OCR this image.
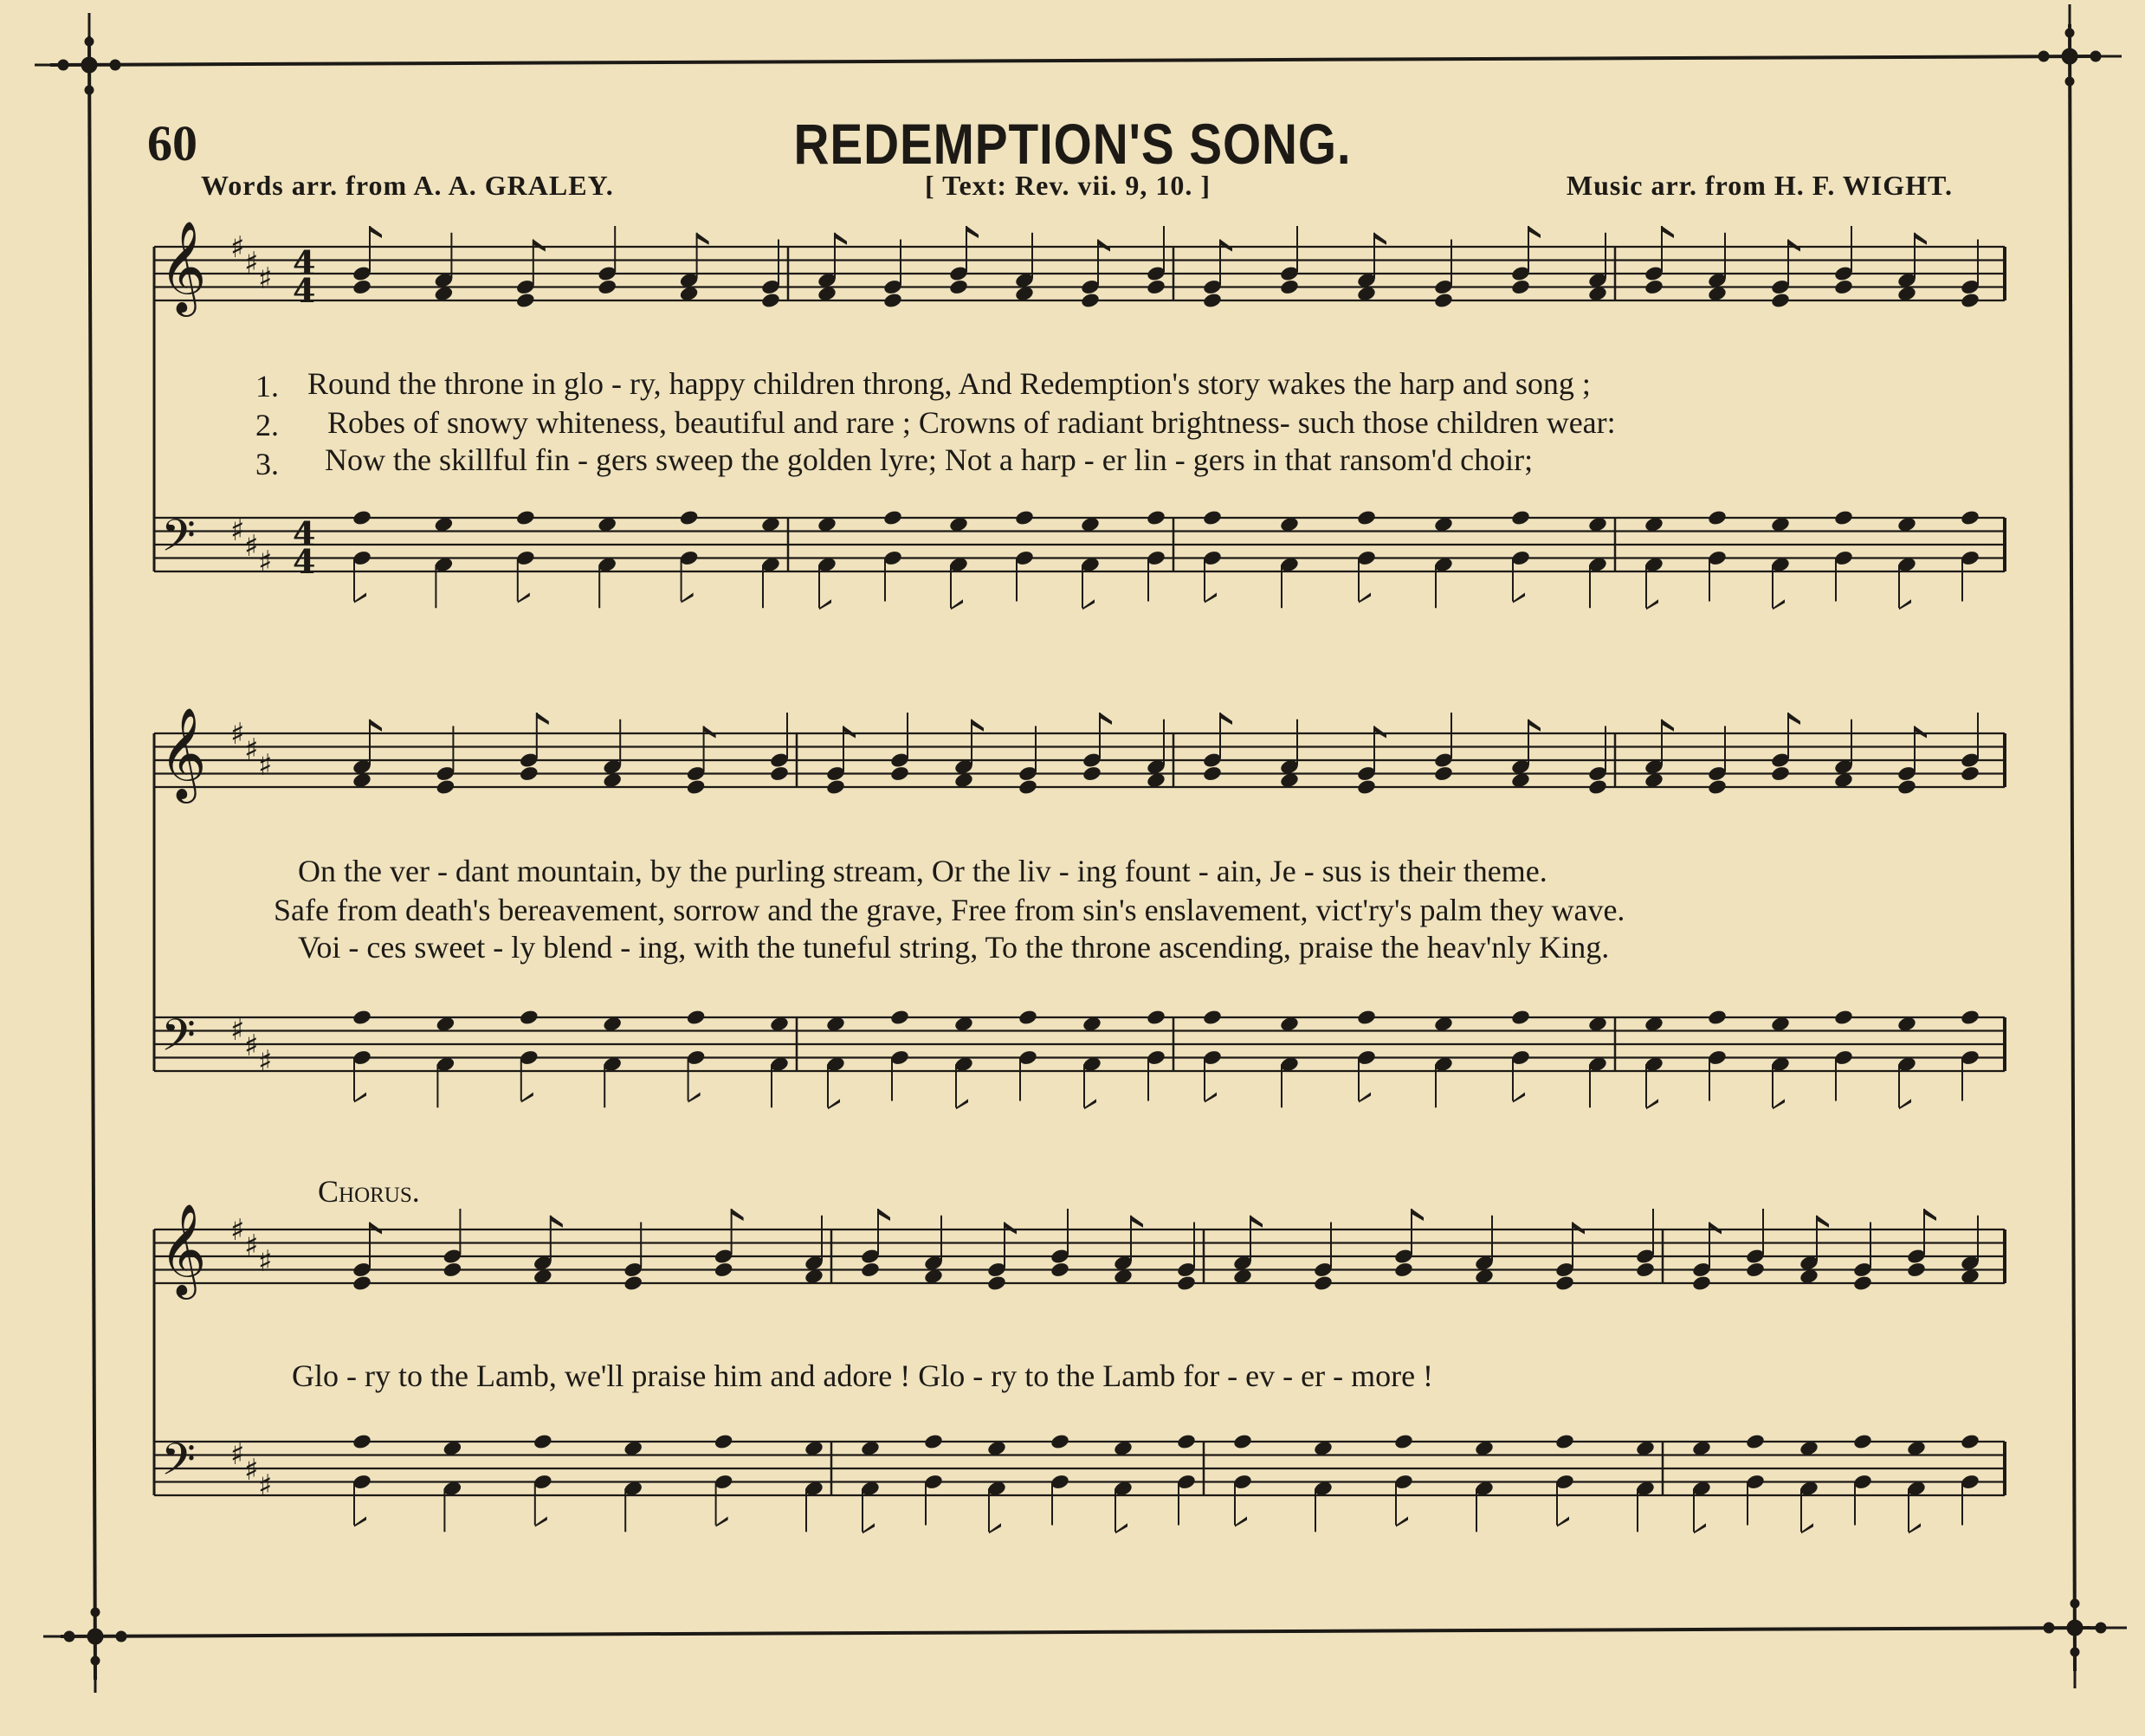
60	REDEMPTION'S SONG.
Words arr. from A. A. GRALEY.	[ Text: Rev. vii. 9, 10. ]	Music arr. from H. F. WIGHT.
𝄞
𝄢
♯
♯
♯
♯
♯
♯
4
4
4
4
𝄞
𝄢
♯
♯
♯
♯
♯
♯
𝄞
𝄢
♯
♯
♯
♯
♯
♯
1. Round the throne in glo - ry, happy children throng, And Redemption's story wakes the harp and song ;
2. Robes of snowy whiteness, beautiful and rare ; Crowns of radiant brightness- such those children wear:
3. Now the skillful fin - gers sweep the golden lyre; Not a harp - er lin - gers in that ransom'd choir;
On the ver - dant mountain, by the purling stream, Or the liv - ing fount - ain, Je - sus is their theme.
Safe from death's bereavement, sorrow and the grave, Free from sin's enslavement, vict'ry's palm they wave.
Voi - ces sweet - ly blend - ing, with the tuneful string, To the throne ascending, praise the heav'nly King.
Chorus.
Glo - ry to the Lamb, we'll praise him and adore ! Glo - ry to the Lamb for - ev - er - more !
